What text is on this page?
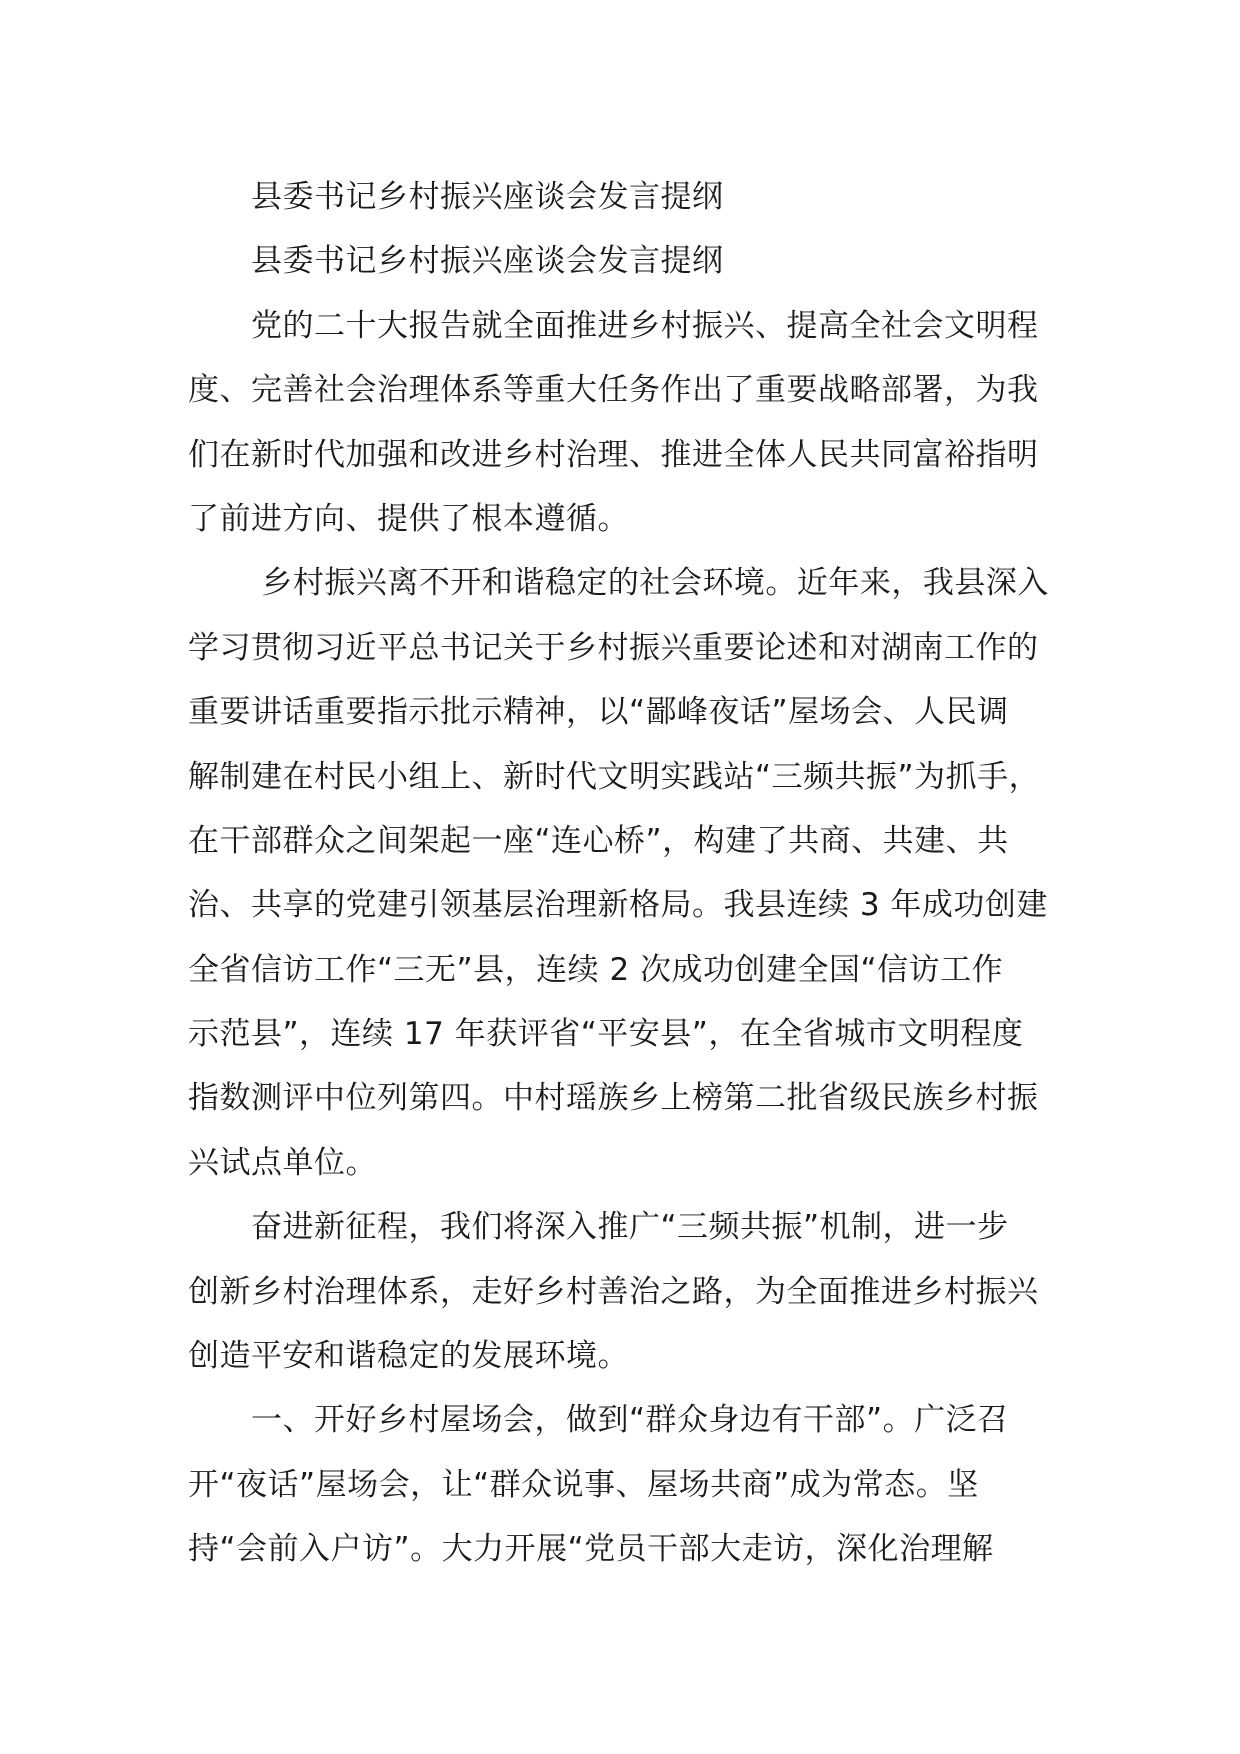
　　县委书记乡村振兴座谈会发言提纲
　　县委书记乡村振兴座谈会发言提纲
　　党的二十大报告就全面推进乡村振兴、提高全社会文明程
度、完善社会治理体系等重大任务作出了重要战略部署，为我
们在新时代加强和改进乡村治理、推进全体人民共同富裕指明
了前进方向、提供了根本遵循。
　　 乡村振兴离不开和谐稳定的社会环境。近年来，我县深入
学习贯彻习近平总书记关于乡村振兴重要论述和对湖南工作的
重要讲话重要指示批示精神，以“鄙峰夜话”屋场会、人民调
解制建在村民小组上、新时代文明实践站“三频共振”为抓手，
在干部群众之间架起一座“连心桥”，构建了共商、共建、共
治、共享的党建引领基层治理新格局。我县连续 3 年成功创建
全省信访工作“三无”县，连续 2 次成功创建全国“信访工作
示范县”，连续 17 年获评省“平安县”，在全省城市文明程度
指数测评中位列第四。中村瑶族乡上榜第二批省级民族乡村振
兴试点单位。
　　奋进新征程，我们将深入推广“三频共振”机制，进一步
创新乡村治理体系，走好乡村善治之路，为全面推进乡村振兴
创造平安和谐稳定的发展环境。
　　一、开好乡村屋场会，做到“群众身边有干部”。广泛召
开“夜话”屋场会，让“群众说事、屋场共商”成为常态。坚
持“会前入户访”。大力开展“党员干部大走访，深化治理解
